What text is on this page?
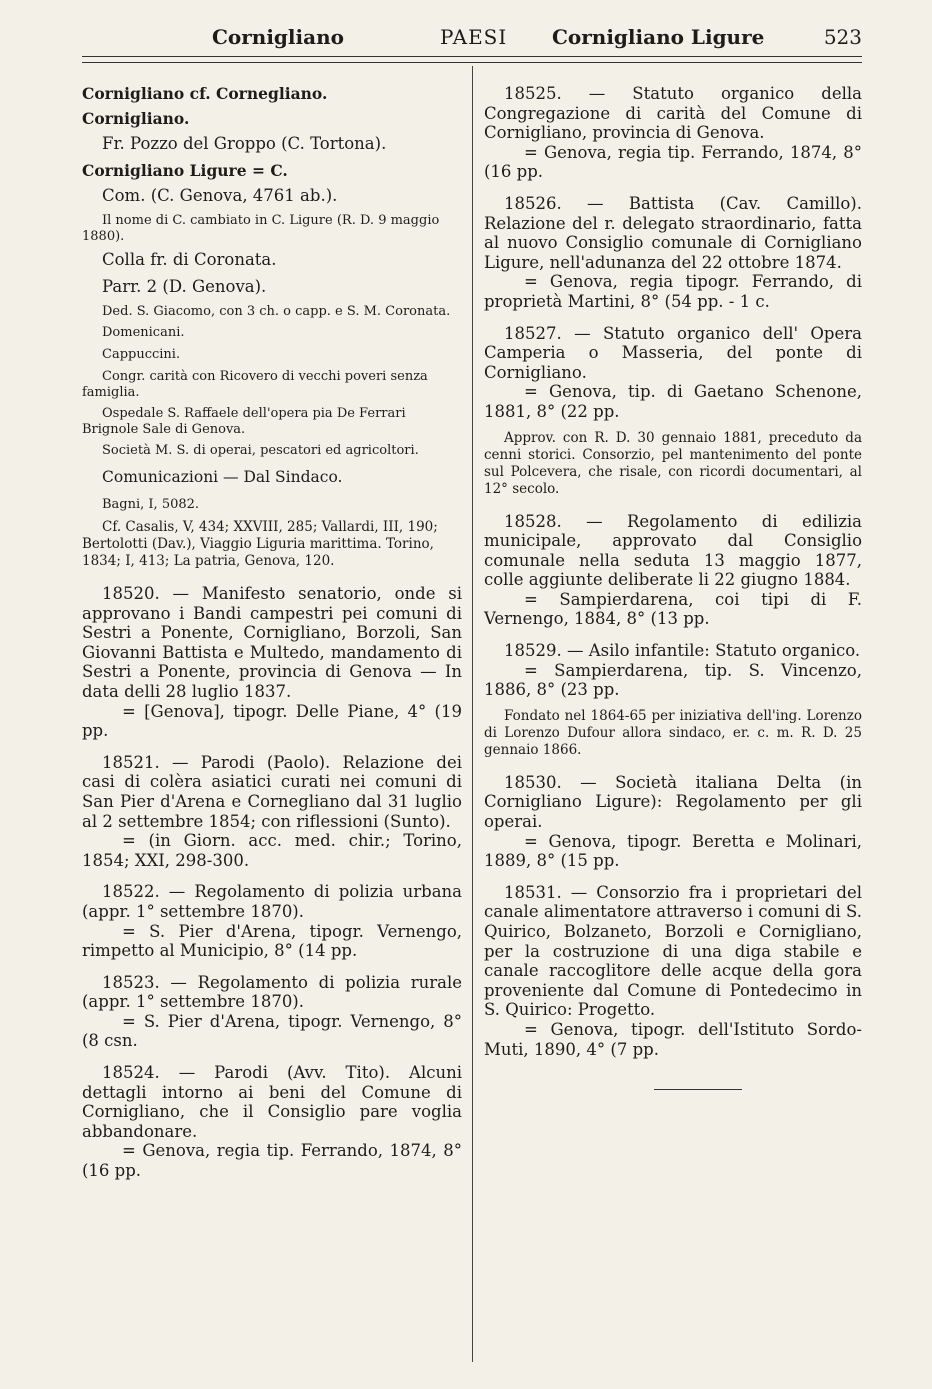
Cornigliano	PAESI Cornigliano Ligure	523

Cornigliano cf. Cornegliano.

Cornigliano.

Fr. Pozzo del Groppo (C. Tortona).

Cornigliano Ligure = C.

Com. (C. Genova, 4761 ab.).

Il nome di C. cambiato in C. Ligure (R. D. 9 maggio 1880).

Colla fr. di Coronata.

Parr. 2 (D. Genova).

Ded. S. Giacomo, con 3 ch. o capp. e S. M. Coronata.

Domenicani.

Cappuccini.

Congr. carità con Ricovero di vecchi poveri senza famiglia.

Ospedale S. Raffaele dell'opera pia De Ferrari Brignole Sale di Genova.

Società M. S. di operai, pescatori ed agricoltori.

Comunicazioni — Dal Sindaco.

Bagni, I, 5082.

Cf. Casalis, V, 434; XXVIII, 285; Vallardi, III, 190; Bertolotti (Dav.), Viaggio Liguria marittima. Torino, 1834; I, 413; La patria, Genova, 120.

18520. — Manifesto senatorio, onde si approvano i Bandi campestri pei comuni di Sestri a Ponente, Cornigliano, Borzoli, San Giovanni Battista e Multedo, mandamento di Sestri a Ponente, provincia di Genova — In data delli 28 luglio 1837.
= [Genova], tipogr. Delle Piane, 4° (19 pp.
18521. — Parodi (Paolo). Relazione dei casi di colèra asiatici curati nei comuni di San Pier d'Arena e Cornegliano dal 31 luglio al 2 settembre 1854; con riflessioni (Sunto).
= (in Giorn. acc. med. chir.; Torino, 1854; XXI, 298-300.
18522. — Regolamento di polizia urbana (appr. 1° settembre 1870).
= S. Pier d'Arena, tipogr. Vernengo, rimpetto al Municipio, 8° (14 pp.
18523. — Regolamento di polizia rurale (appr. 1° settembre 1870).
= S. Pier d'Arena, tipogr. Vernengo, 8° (8 csn.
18524. — Parodi (Avv. Tito). Alcuni dettagli intorno ai beni del Comune di Cornigliano, che il Consiglio pare voglia abbandonare.
= Genova, regia tip. Ferrando, 1874, 8° (16 pp.
18525. — Statuto organico della Congregazione di carità del Comune di Cornigliano, provincia di Genova.
= Genova, regia tip. Ferrando, 1874, 8° (16 pp.
18526. — Battista (Cav. Camillo). Relazione del r. delegato straordinario, fatta al nuovo Consiglio comunale di Cornigliano Ligure, nell'adunanza del 22 ottobre 1874.
= Genova, regia tipogr. Ferrando, di proprietà Martini, 8° (54 pp. - 1 c.
18527. — Statuto organico dell' Opera Camperia o Masseria, del ponte di Cornigliano.
= Genova, tip. di Gaetano Schenone, 1881, 8° (22 pp.

Approv. con R. D. 30 gennaio 1881, preceduto da cenni storici. Consorzio, pel mantenimento del ponte sul Polcevera, che risale, con ricordi documentari, al 12° secolo.

18528. — Regolamento di edilizia municipale, approvato dal Consiglio comunale nella seduta 13 maggio 1877, colle aggiunte deliberate li 22 giugno 1884.
= Sampierdarena, coi tipi di F. Vernengo, 1884, 8° (13 pp.
18529. — Asilo infantile: Statuto organico.
= Sampierdarena, tip. S. Vincenzo, 1886, 8° (23 pp.

Fondato nel 1864-65 per iniziativa dell'ing. Lorenzo di Lorenzo Dufour allora sindaco, er. c. m. R. D. 25 gennaio 1866.

18530. — Società italiana Delta (in Cornigliano Ligure): Regolamento per gli operai.
= Genova, tipogr. Beretta e Molinari, 1889, 8° (15 pp.
18531. — Consorzio fra i proprietari del canale alimentatore attraverso i comuni di S. Quirico, Bolzaneto, Borzoli e Cornigliano, per la costruzione di una diga stabile e canale raccoglitore delle acque della gora proveniente dal Comune di Pontedecimo in S. Quirico: Progetto.
= Genova, tipogr. dell'Istituto Sordo-Muti, 1890, 4° (7 pp.
